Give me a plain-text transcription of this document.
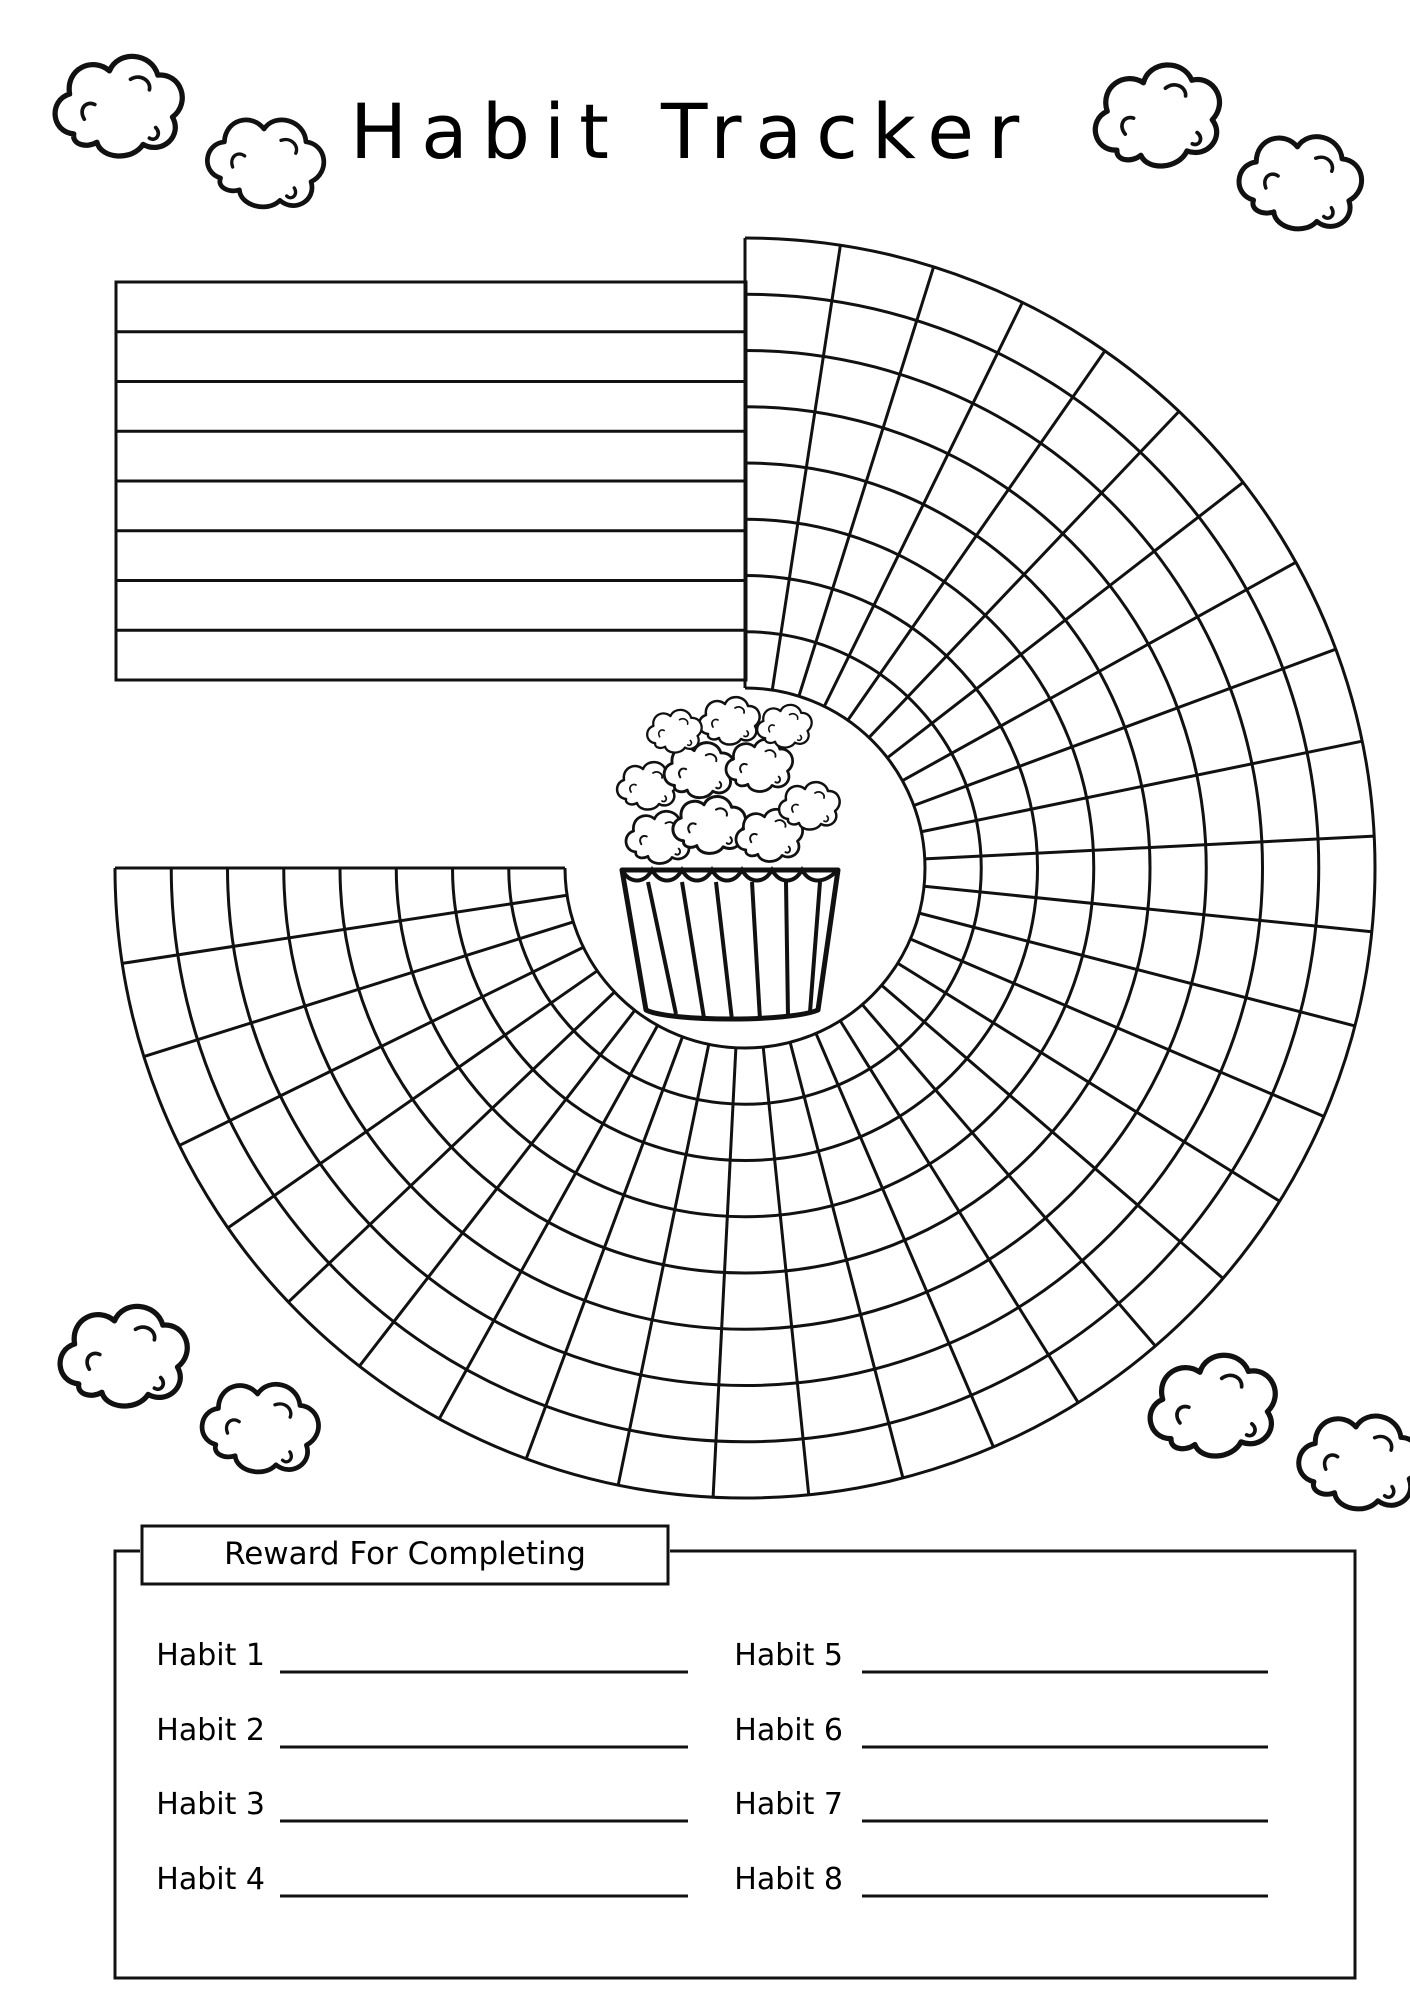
Habit Tracker
Reward For Completing
Habit 1
Habit 2
Habit 3
Habit 4
Habit 5
Habit 6
Habit 7
Habit 8
